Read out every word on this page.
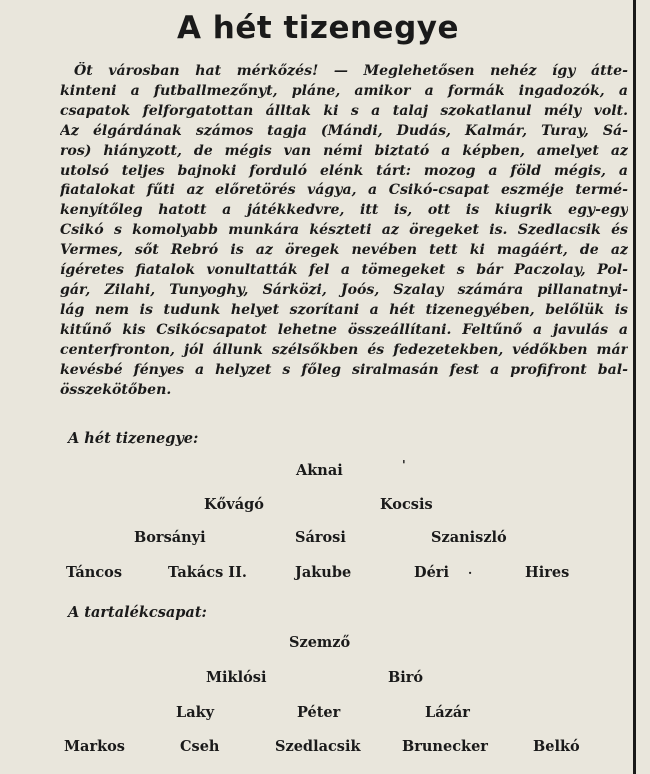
A hét tizenegye
Öt városban hat mérkőzés! — Meglehetősen nehéz így átte-
kinteni a futballmezőnyt, pláne, amikor a formák ingadozók, a
csapatok felforgatottan álltak ki s a talaj szokatlanul mély volt.
Az élgárdának számos tagja (Mándi, Dudás, Kalmár, Turay, Sá-
ros) hiányzott, de mégis van némi biztató a képben, amelyet az
utolsó teljes bajnoki forduló elénk tárt: mozog a föld mégis, a
fiatalokat fűti az előretörés vágya, a Csikó-csapat eszméje termé-
kenyítőleg hatott a játékkedvre, itt is, ott is kiugrik egy-egy
Csikó s komolyabb munkára készteti az öregeket is. Szedlacsik és
Vermes, sőt Rebró is az öregek nevében tett ki magáért, de az
ígéretes fiatalok vonultatták fel a tömegeket s bár Paczolay, Pol-
gár, Zilahi, Tunyoghy, Sárközi, Joós, Szalay számára pillanatnyi-
lág nem is tudunk helyet szorítani a hét tizenegyében, belőlük is
kitűnő kis Csikócsapatot lehetne összeállítani. Feltűnő a javulás a
centerfronton, jól állunk szélsőkben és fedezetekben, védőkben már
kevésbé fényes a helyzet s főleg siralmasán fest a profifront bal-
összekötőben.
A hét tizenegye:
Aknai	'
Kővágó	Kocsis
Borsányi	Sárosi	Szaniszló
Táncos	Takács II.	Jakube	Déri ·	Hires
A tartalékcsapat:
Szemző
Miklósi	Biró
Laky	Péter	Lázár
Markos	Cseh	Szedlacsik	Brunecker	Belkó
